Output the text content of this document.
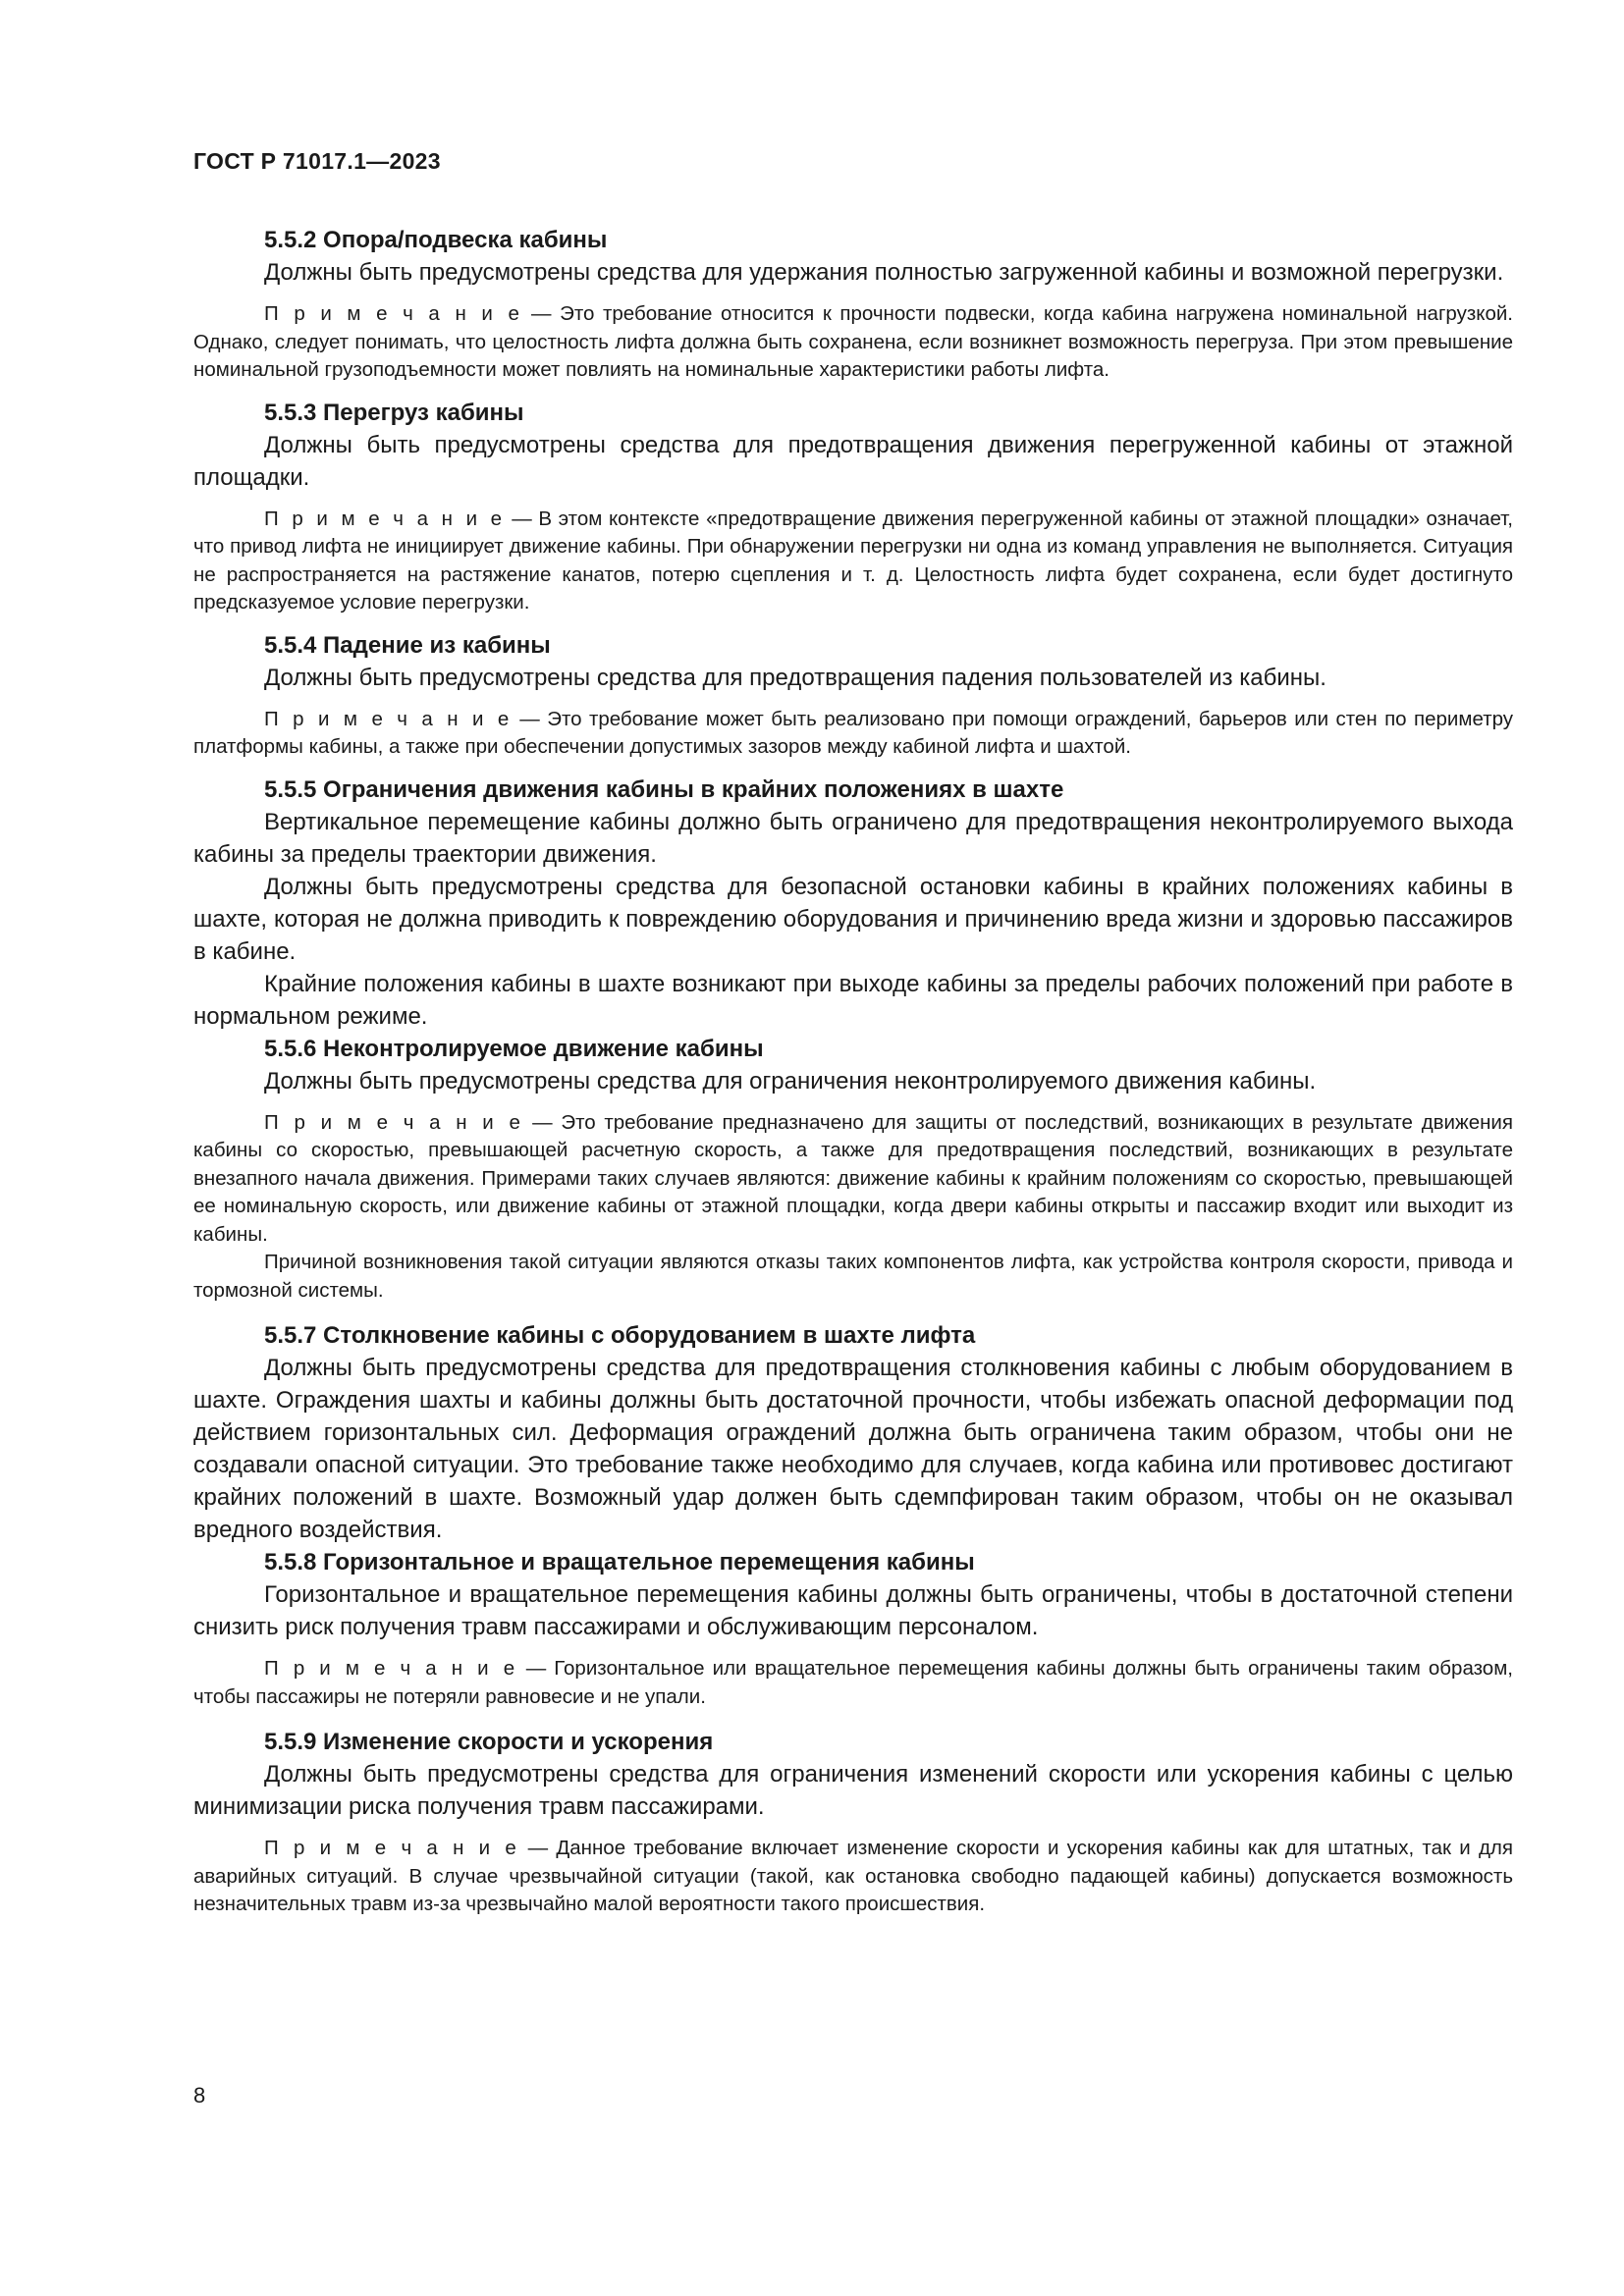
ГОСТ Р 71017.1—2023

5.5.2 Опора/подвеска кабины

Должны быть предусмотрены средства для удержания полностью загруженной кабины и возможной перегрузки.

П р и м е ч а н и е — Это требование относится к прочности подвески, когда кабина нагружена номинальной нагрузкой. Однако, следует понимать, что целостность лифта должна быть сохранена, если возникнет возможность перегруза. При этом превышение номинальной грузоподъемности может повлиять на номинальные характеристики работы лифта.

5.5.3 Перегруз кабины

Должны быть предусмотрены средства для предотвращения движения перегруженной кабины от этажной площадки.

П р и м е ч а н и е — В этом контексте «предотвращение движения перегруженной кабины от этажной площадки» означает, что привод лифта не инициирует движение кабины. При обнаружении перегрузки ни одна из команд управления не выполняется. Ситуация не распространяется на растяжение канатов, потерю сцепления и т. д. Целостность лифта будет сохранена, если будет достигнуто предсказуемое условие перегрузки.

5.5.4 Падение из кабины

Должны быть предусмотрены средства для предотвращения падения пользователей из кабины.

П р и м е ч а н и е — Это требование может быть реализовано при помощи ограждений, барьеров или стен по периметру платформы кабины, а также при обеспечении допустимых зазоров между кабиной лифта и шахтой.

5.5.5 Ограничения движения кабины в крайних положениях в шахте

Вертикальное перемещение кабины должно быть ограничено для предотвращения неконтролируемого выхода кабины за пределы траектории движения.

Должны быть предусмотрены средства для безопасной остановки кабины в крайних положениях кабины в шахте, которая не должна приводить к повреждению оборудования и причинению вреда жизни и здоровью пассажиров в кабине.

Крайние положения кабины в шахте возникают при выходе кабины за пределы рабочих положений при работе в нормальном режиме.

5.5.6 Неконтролируемое движение кабины

Должны быть предусмотрены средства для ограничения неконтролируемого движения кабины.

П р и м е ч а н и е — Это требование предназначено для защиты от последствий, возникающих в результате движения кабины со скоростью, превышающей расчетную скорость, а также для предотвращения последствий, возникающих в результате внезапного начала движения. Примерами таких случаев являются: движение кабины к крайним положениям со скоростью, превышающей ее номинальную скорость, или движение кабины от этажной площадки, когда двери кабины открыты и пассажир входит или выходит из кабины.

Причиной возникновения такой ситуации являются отказы таких компонентов лифта, как устройства контроля скорости, привода и тормозной системы.

5.5.7 Столкновение кабины с оборудованием в шахте лифта

Должны быть предусмотрены средства для предотвращения столкновения кабины с любым оборудованием в шахте. Ограждения шахты и кабины должны быть достаточной прочности, чтобы избежать опасной деформации под действием горизонтальных сил. Деформация ограждений должна быть ограничена таким образом, чтобы они не создавали опасной ситуации. Это требование также необходимо для случаев, когда кабина или противовес достигают крайних положений в шахте. Возможный удар должен быть сдемпфирован таким образом, чтобы он не оказывал вредного воздействия.

5.5.8 Горизонтальное и вращательное перемещения кабины

Горизонтальное и вращательное перемещения кабины должны быть ограничены, чтобы в достаточной степени снизить риск получения травм пассажирами и обслуживающим персоналом.

П р и м е ч а н и е — Горизонтальное или вращательное перемещения кабины должны быть ограничены таким образом, чтобы пассажиры не потеряли равновесие и не упали.

5.5.9 Изменение скорости и ускорения

Должны быть предусмотрены средства для ограничения изменений скорости или ускорения кабины с целью минимизации риска получения травм пассажирами.

П р и м е ч а н и е — Данное требование включает изменение скорости и ускорения кабины как для штатных, так и для аварийных ситуаций. В случае чрезвычайной ситуации (такой, как остановка свободно падающей кабины) допускается возможность незначительных травм из-за чрезвычайно малой вероятности такого происшествия.

8
